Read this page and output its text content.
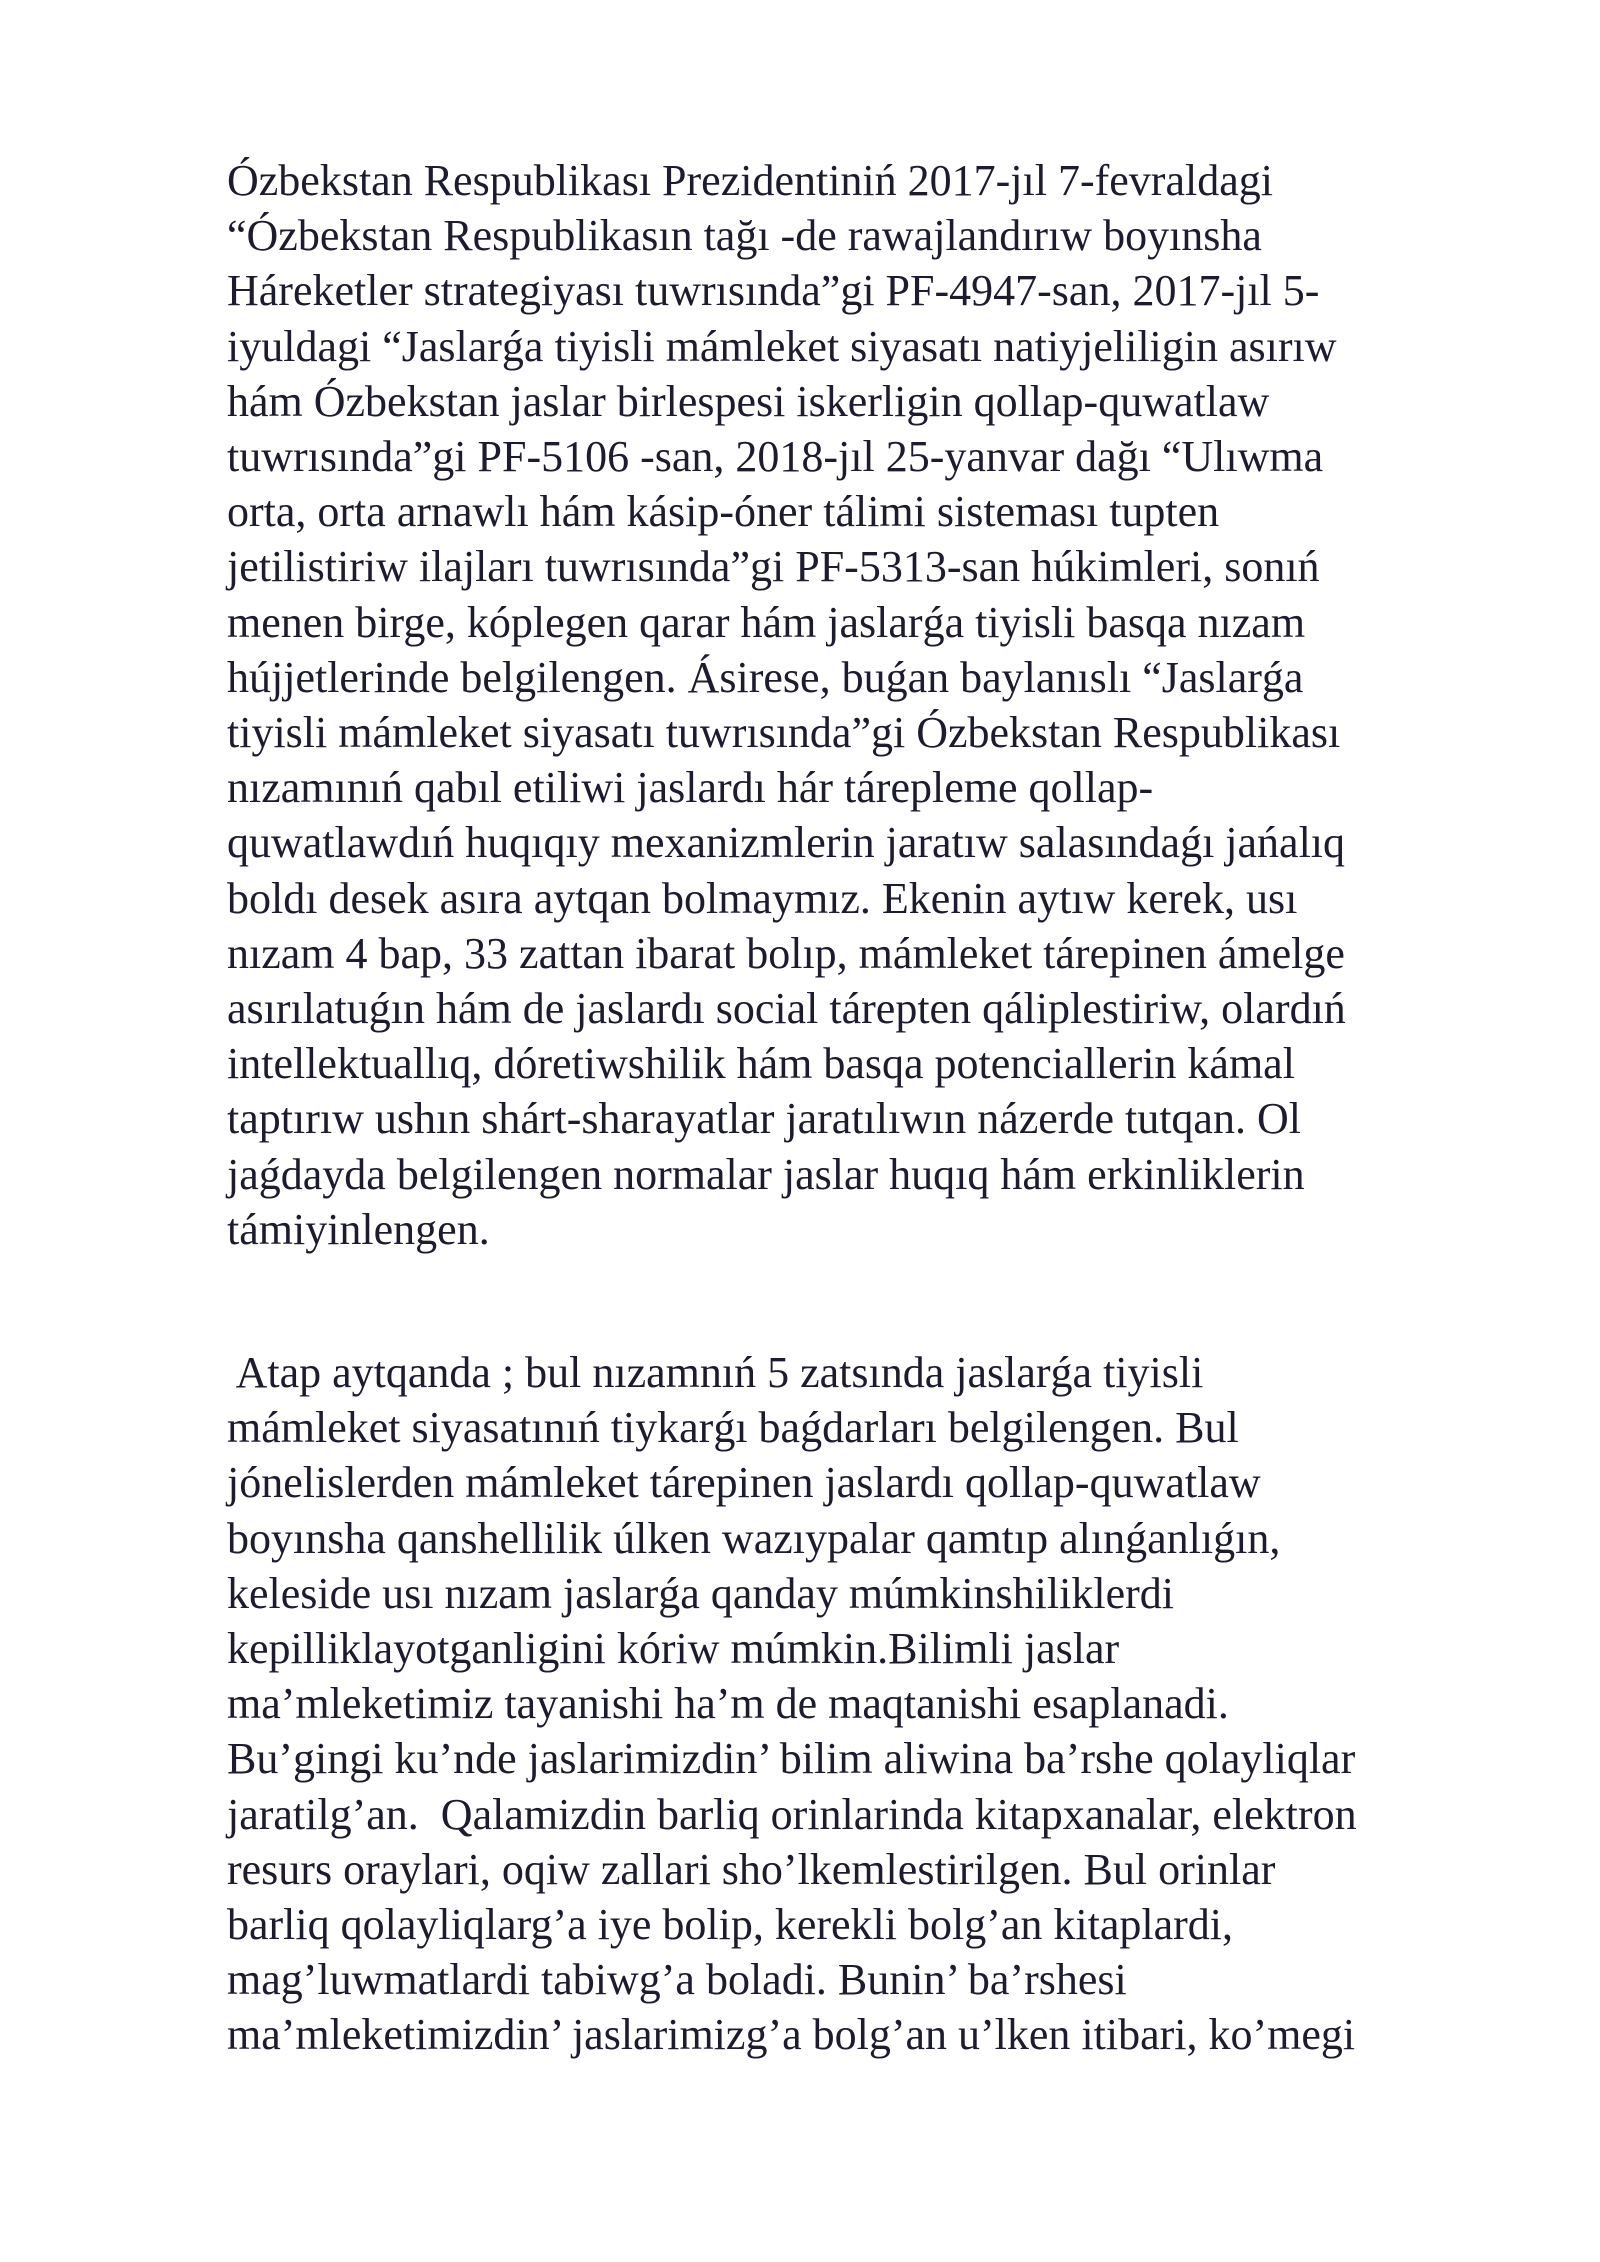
Ózbekstan Respublikası Prezidentiniń 2017-jıl 7-fevraldagi
“Ózbekstan Respublikasın tağı -de rawajlandırıw boyınsha
Háreketler strategiyası tuwrısında”gi PF-4947-san, 2017-jıl 5-
iyuldagi “Jaslarǵa tiyisli mámleket siyasatı natiyjeliligin asırıw
hám Ózbekstan jaslar birlespesi iskerligin qollap-quwatlaw
tuwrısında”gi PF-5106 -san, 2018-jıl 25-yanvar dağı “Ulıwma
orta, orta arnawlı hám kásip-óner tálimi sisteması tupten
jetilistiriw ilajları tuwrısında”gi PF-5313-san húkimleri, sonıń
menen birge, kóplegen qarar hám jaslarǵa tiyisli basqa nızam
hújjetlerinde belgilengen. Ásirese, buǵan baylanıslı “Jaslarǵa
tiyisli mámleket siyasatı tuwrısında”gi Ózbekstan Respublikası
nızamınıń qabıl etiliwi jaslardı hár tárepleme qollap-
quwatlawdıń huqıqıy mexanizmlerin jaratıw salasındaǵı jańalıq
boldı desek asıra aytqan bolmaymız. Ekenin aytıw kerek, usı
nızam 4 bap, 33 zattan ibarat bolıp, mámleket tárepinen ámelge
asırılatuǵın hám de jaslardı social tárepten qáliplestiriw, olardıń
intellektuallıq, dóretiwshilik hám basqa potenciallerin kámal
taptırıw ushın shárt-sharayatlar jaratılıwın názerde tutqan. Ol
jaǵdayda belgilengen normalar jaslar huqıq hám erkinliklerin
támiyinlengen.
Atap aytqanda ; bul nızamnıń 5 zatsında jaslarǵa tiyisli
mámleket siyasatınıń tiykarǵı baǵdarları belgilengen. Bul
jónelislerden mámleket tárepinen jaslardı qollap-quwatlaw
boyınsha qanshellilik úlken wazıypalar qamtıp alınǵanlıǵın,
keleside usı nızam jaslarǵa qanday múmkinshiliklerdi
kepilliklayotganligini kóriw múmkin.Bilimli jaslar
ma’mleketimiz tayanishi ha’m de maqtanishi esaplanadi.
Bu’gingi ku’nde jaslarimizdin’ bilim aliwina ba’rshe qolayliqlar
jaratilg’an.  Qalamizdin barliq orinlarinda kitapxanalar, elektron
resurs oraylari, oqiw zallari sho’lkemlestirilgen. Bul orinlar
barliq qolayliqlarg’a iye bolip, kerekli bolg’an kitaplardi,
mag’luwmatlardi tabiwg’a boladi. Bunin’ ba’rshesi
ma’mleketimizdin’ jaslarimizg’a bolg’an u’lken itibari, ko’megi
